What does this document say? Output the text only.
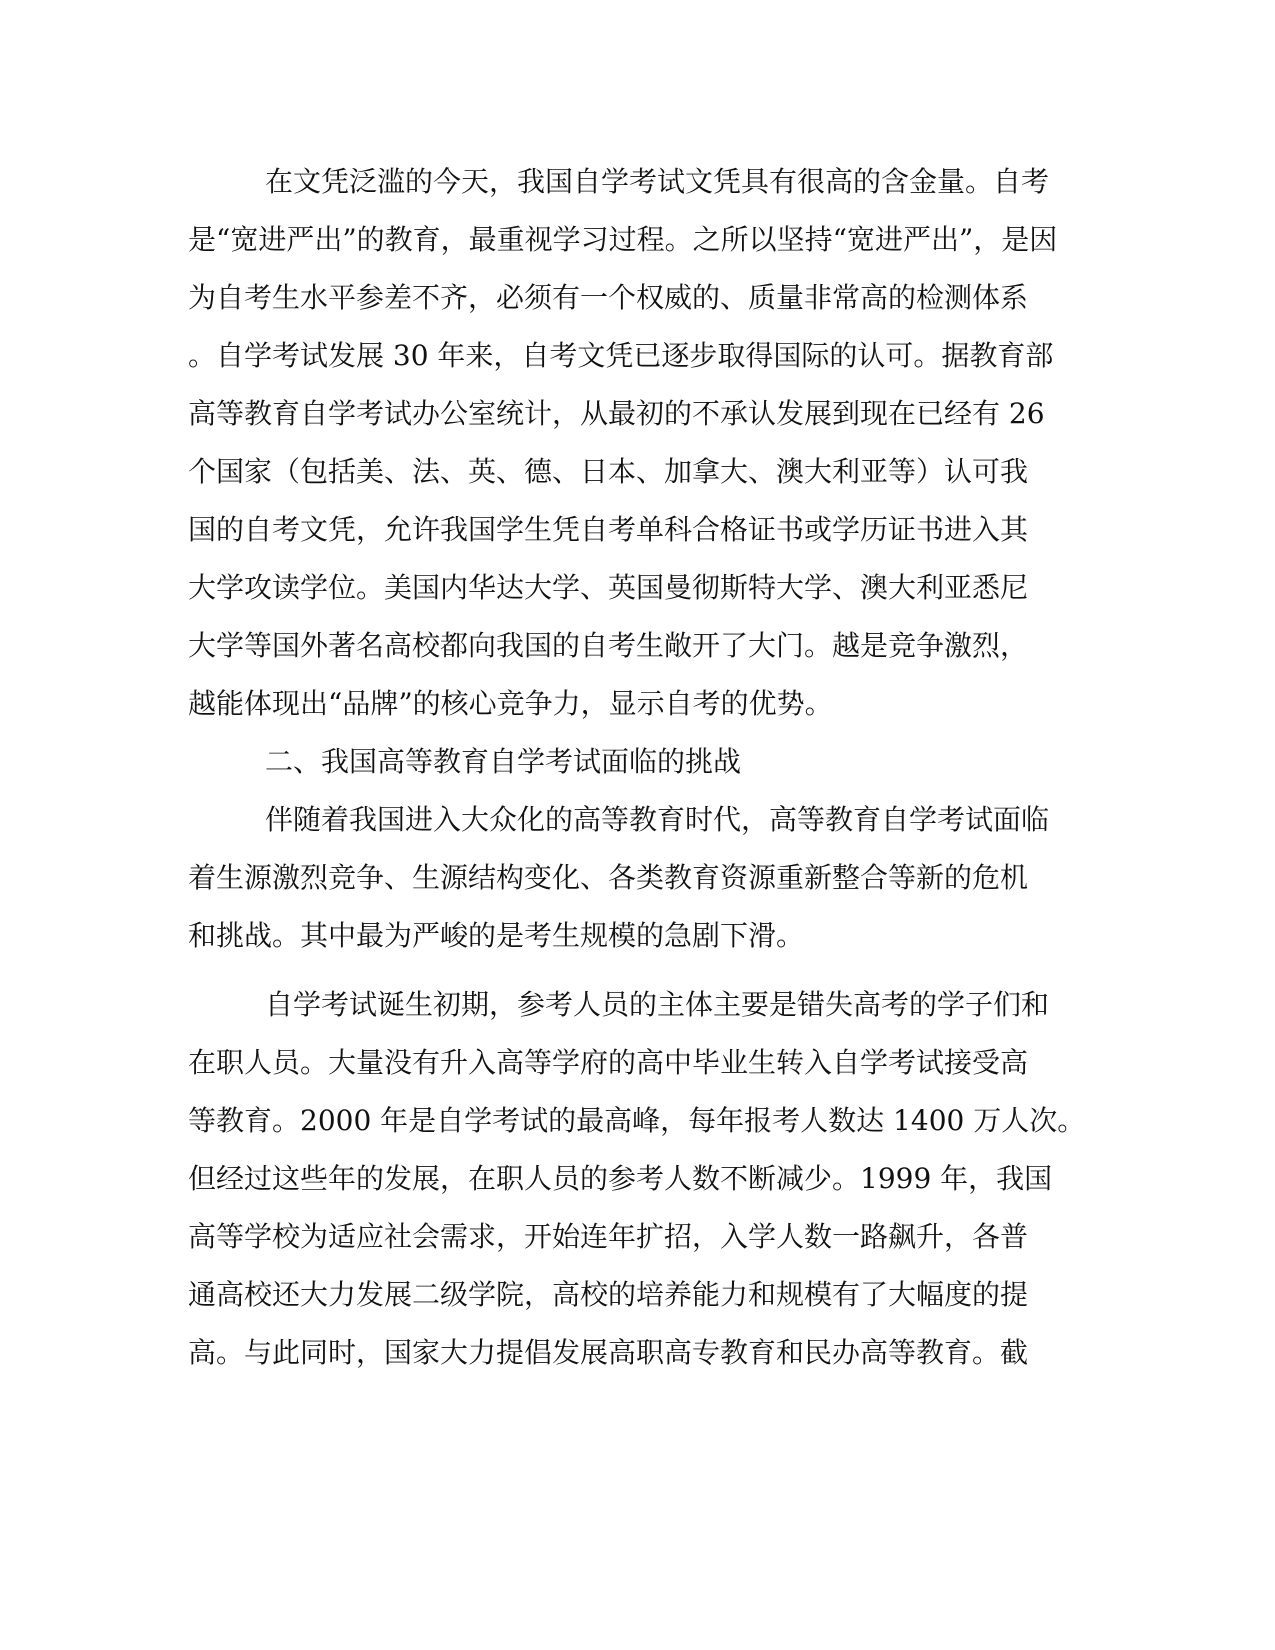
在文凭泛滥的今天，我国自学考试文凭具有很高的含金量。自考
是“宽进严出”的教育，最重视学习过程。之所以坚持“宽进严出”，是因
为自考生水平参差不齐，必须有一个权威的、质量非常高的检测体系
。自学考试发展 30 年来，自考文凭已逐步取得国际的认可。据教育部
高等教育自学考试办公室统计，从最初的不承认发展到现在已经有 26
个国家（包括美、法、英、德、日本、加拿大、澳大利亚等）认可我
国的自考文凭，允许我国学生凭自考单科合格证书或学历证书进入其
大学攻读学位。美国内华达大学、英国曼彻斯特大学、澳大利亚悉尼
大学等国外著名高校都向我国的自考生敞开了大门。越是竞争激烈，
越能体现出“品牌”的核心竞争力，显示自考的优势。
二、我国高等教育自学考试面临的挑战
伴随着我国进入大众化的高等教育时代，高等教育自学考试面临
着生源激烈竞争、生源结构变化、各类教育资源重新整合等新的危机
和挑战。其中最为严峻的是考生规模的急剧下滑。
自学考试诞生初期，参考人员的主体主要是错失高考的学子们和
在职人员。大量没有升入高等学府的高中毕业生转入自学考试接受高
等教育。2000 年是自学考试的最高峰，每年报考人数达 1400 万人次。
但经过这些年的发展，在职人员的参考人数不断减少。1999 年，我国
高等学校为适应社会需求，开始连年扩招，入学人数一路飙升，各普
通高校还大力发展二级学院，高校的培养能力和规模有了大幅度的提
高。与此同时，国家大力提倡发展高职高专教育和民办高等教育。截
